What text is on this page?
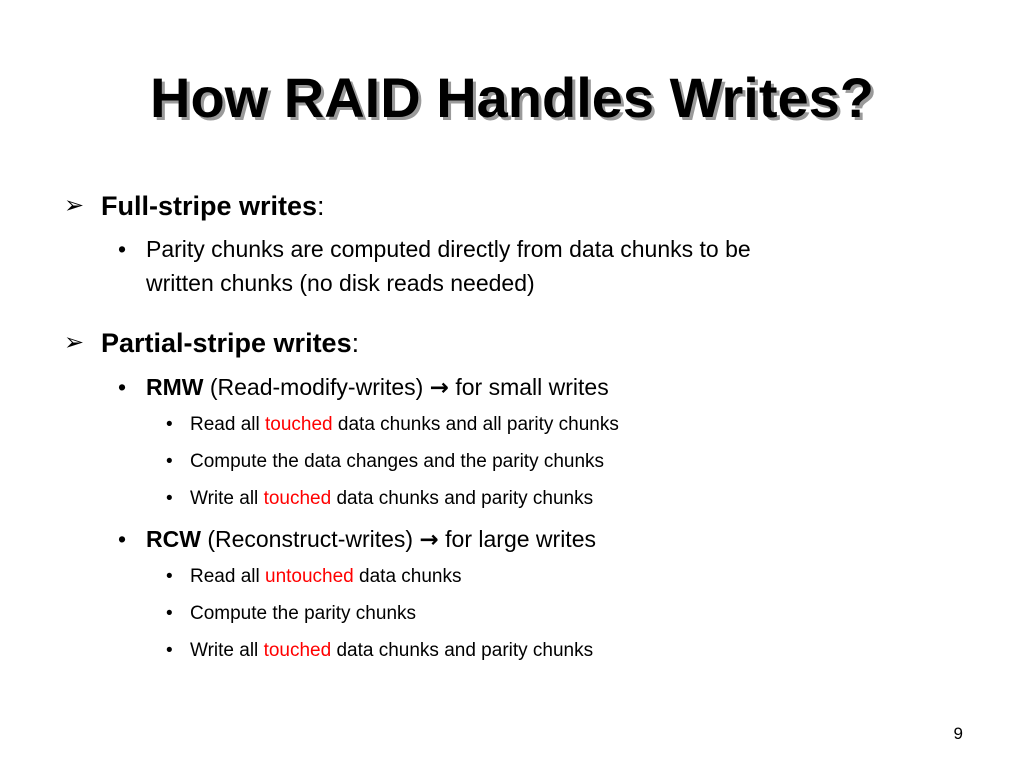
How RAID Handles Writes?
➢ Full-stripe writes:
• Parity chunks are computed directly from data chunks to be
written chunks (no disk reads needed)
➢ Partial-stripe writes:
• RMW (Read-modify-writes) → for small writes
• Read all touched data chunks and all parity chunks
• Compute the data changes and the parity chunks
• Write all touched data chunks and parity chunks
• RCW (Reconstruct-writes) → for large writes
• Read all untouched data chunks
• Compute the parity chunks
• Write all touched data chunks and parity chunks
9
